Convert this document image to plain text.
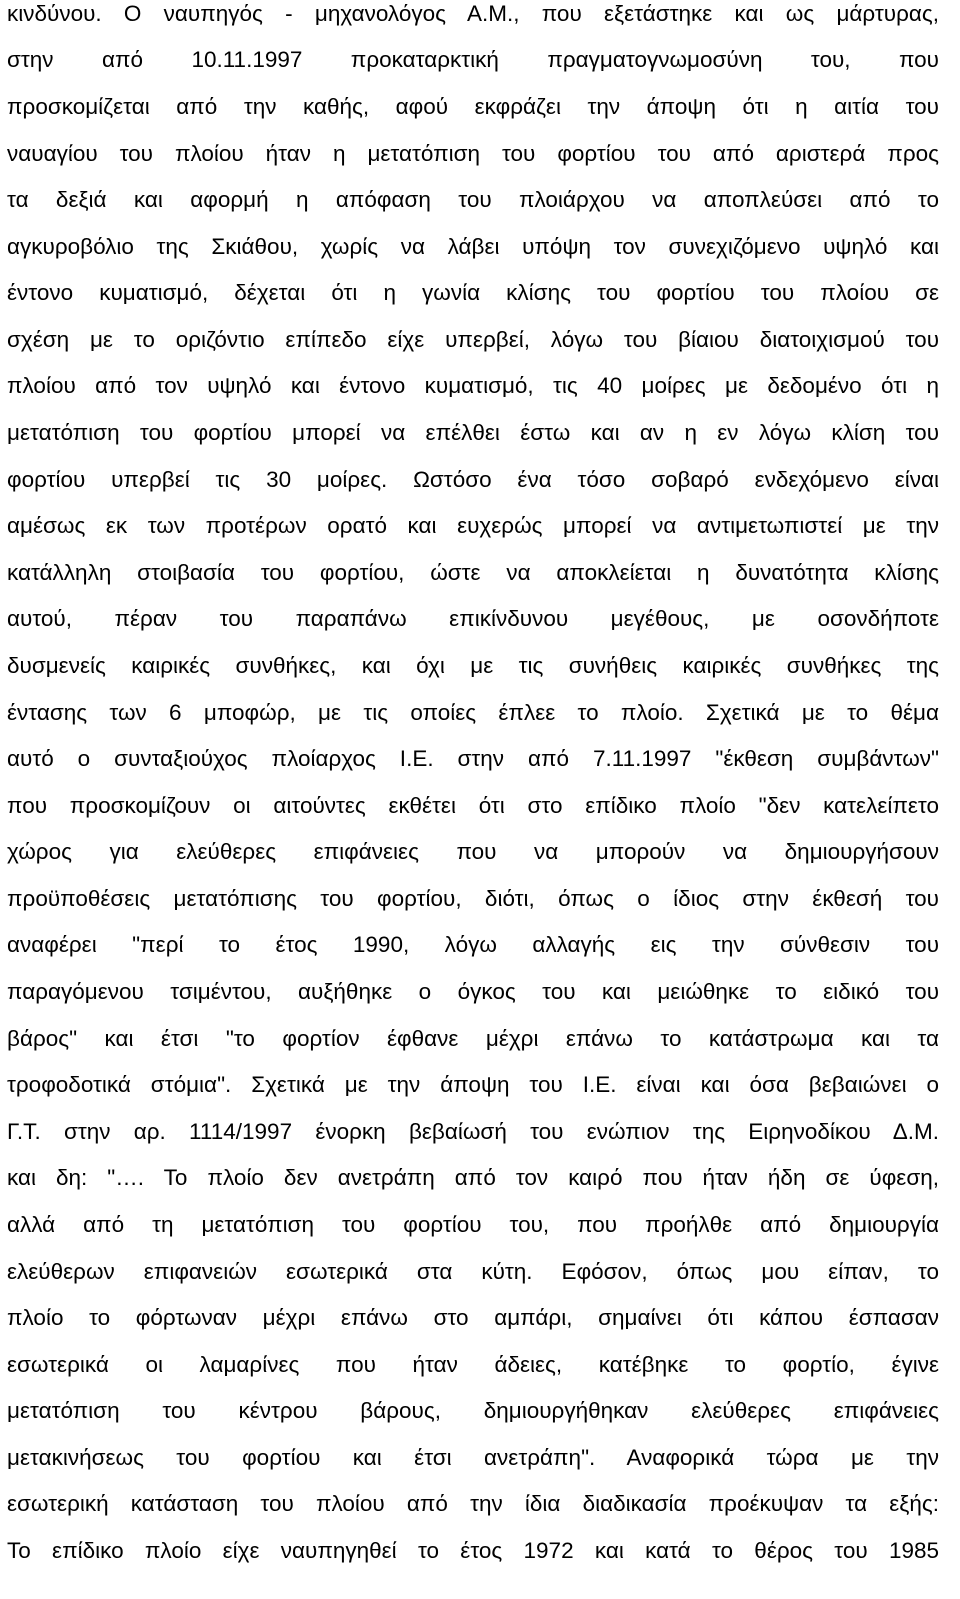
κινδύνου. Ο ναυπηγός - μηχανολόγος Α.Μ., που εξετάστηκε και ως μάρτυρας,
στην από 10.11.1997 προκαταρκτική πραγματογνωμοσύνη του, που
προσκομίζεται από την καθής, αφού εκφράζει την άποψη ότι η αιτία του
ναυαγίου του πλοίου ήταν η μετατόπιση του φορτίου του από αριστερά προς
τα δεξιά και αφορμή η απόφαση του πλοιάρχου να αποπλεύσει από το
αγκυροβόλιο της Σκιάθου, χωρίς να λάβει υπόψη τον συνεχιζόμενο υψηλό και
έντονο κυματισμό, δέχεται ότι η γωνία κλίσης του φορτίου του πλοίου σε
σχέση με το οριζόντιο επίπεδο είχε υπερβεί, λόγω του βίαιου διατοιχισμού του
πλοίου από τον υψηλό και έντονο κυματισμό, τις 40 μοίρες με δεδομένο ότι η
μετατόπιση του φορτίου μπορεί να επέλθει έστω και αν η εν λόγω κλίση του
φορτίου υπερβεί τις 30 μοίρες. Ωστόσο ένα τόσο σοβαρό ενδεχόμενο είναι
αμέσως εκ των προτέρων ορατό και ευχερώς μπορεί να αντιμετωπιστεί με την
κατάλληλη στοιβασία του φορτίου, ώστε να αποκλείεται η δυνατότητα κλίσης
αυτού, πέραν του παραπάνω επικίνδυνου μεγέθους, με οσονδήποτε
δυσμενείς καιρικές συνθήκες, και όχι με τις συνήθεις καιρικές συνθήκες της
έντασης των 6 μποφώρ, με τις οποίες έπλεε το πλοίο. Σχετικά με το θέμα
αυτό ο συνταξιούχος πλοίαρχος Ι.Ε. στην από 7.11.1997 "έκθεση συμβάντων"
που προσκομίζουν οι αιτούντες εκθέτει ότι στο επίδικο πλοίο "δεν κατελείπετο
χώρος για ελεύθερες επιφάνειες που να μπορούν να δημιουργήσουν
προϋποθέσεις μετατόπισης του φορτίου, διότι, όπως ο ίδιος στην έκθεσή του
αναφέρει "περί το έτος 1990, λόγω αλλαγής εις την σύνθεσιν του
παραγόμενου τσιμέντου, αυξήθηκε ο όγκος του και μειώθηκε το ειδικό του
βάρος" και έτσι "το φορτίον έφθανε μέχρι επάνω το κατάστρωμα και τα
τροφοδοτικά στόμια". Σχετικά με την άποψη του Ι.Ε. είναι και όσα βεβαιώνει ο
Γ.Τ. στην αρ. 1114/1997 ένορκη βεβαίωσή του ενώπιον της Ειρηνοδίκου Δ.Μ.
και δη: "…. Το πλοίο δεν ανετράπη από τον καιρό που ήταν ήδη σε ύφεση,
αλλά από τη μετατόπιση του φορτίου του, που προήλθε από δημιουργία
ελεύθερων επιφανειών εσωτερικά στα κύτη. Εφόσον, όπως μου είπαν, το
πλοίο το φόρτωναν μέχρι επάνω στο αμπάρι, σημαίνει ότι κάπου έσπασαν
εσωτερικά οι λαμαρίνες που ήταν άδειες, κατέβηκε το φορτίο, έγινε
μετατόπιση του κέντρου βάρους, δημιουργήθηκαν ελεύθερες επιφάνειες
μετακινήσεως του φορτίου και έτσι ανετράπη". Αναφορικά τώρα με την
εσωτερική κατάσταση του πλοίου από την ίδια διαδικασία προέκυψαν τα εξής:
Το επίδικο πλοίο είχε ναυπηγηθεί το έτος 1972 και κατά το θέρος του 1985
